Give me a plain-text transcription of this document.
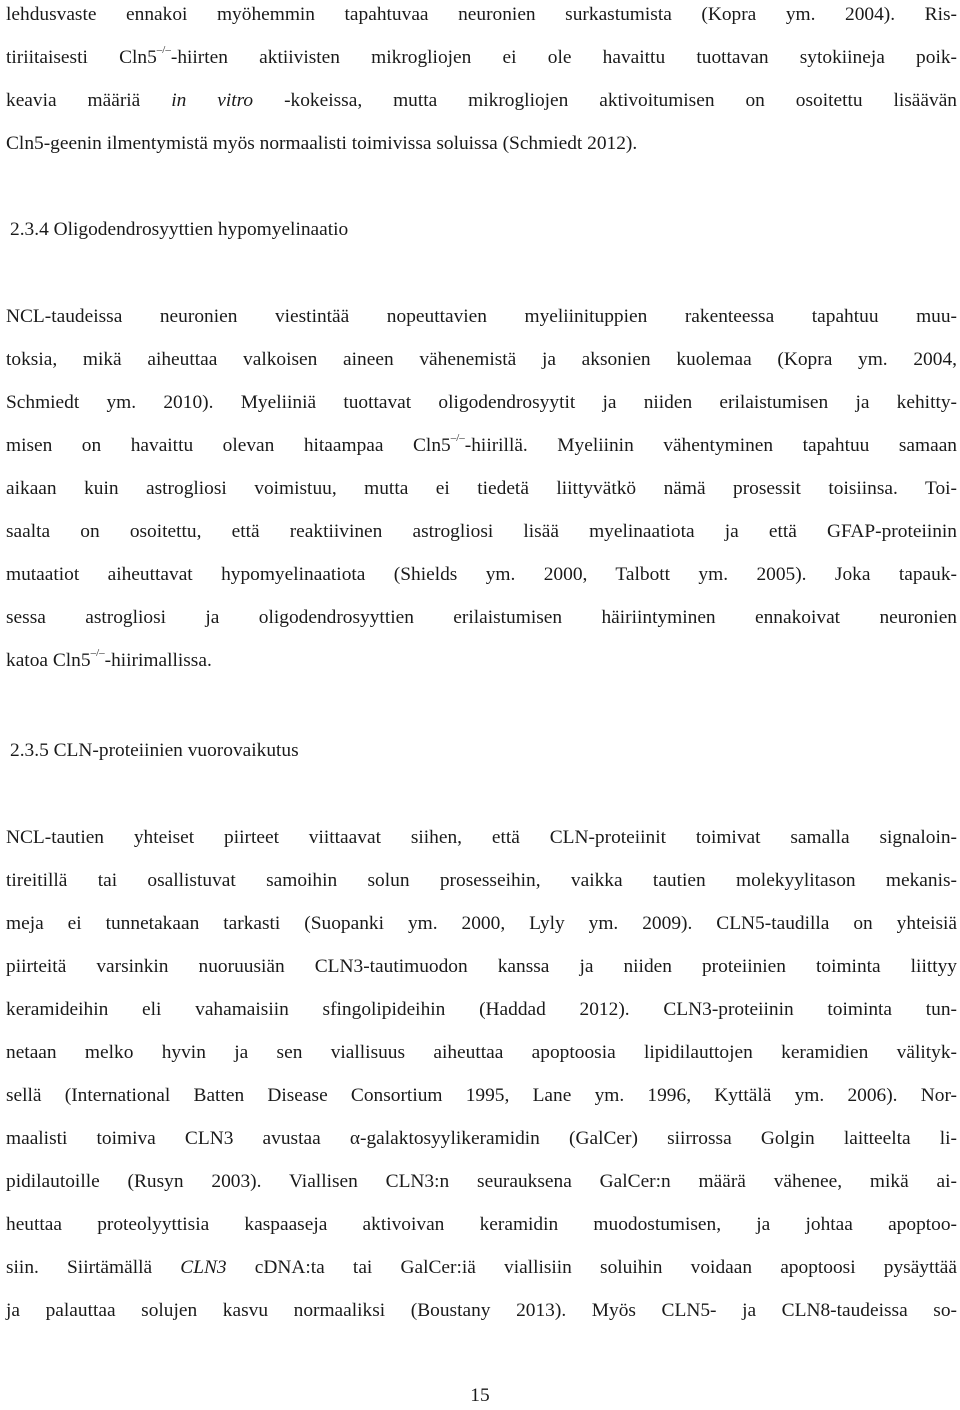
lehdusvaste ennakoi myöhemmin tapahtuvaa neuronien surkastumista (Kopra ym. 2004). Ris-
tiriitaisesti Cln5–/–-hiirten aktiivisten mikrogliojen ei ole havaittu tuottavan sytokiineja poik-
keavia määriä in vitro -kokeissa, mutta mikrogliojen aktivoitumisen on osoitettu lisäävän
Cln5-geenin ilmentymistä myös normaalisti toimivissa soluissa (Schmiedt 2012).
2.3.4 Oligodendrosyyttien hypomyelinaatio
NCL-taudeissa neuronien viestintää nopeuttavien myeliinituppien rakenteessa tapahtuu muu-
toksia, mikä aiheuttaa valkoisen aineen vähenemistä ja aksonien kuolemaa (Kopra ym. 2004,
Schmiedt ym. 2010). Myeliiniä tuottavat oligodendrosyytit ja niiden erilaistumisen ja kehitty-
misen on havaittu olevan hitaampaa Cln5–/–-hiirillä. Myeliinin vähentyminen tapahtuu samaan
aikaan kuin astrogliosi voimistuu, mutta ei tiedetä liittyvätkö nämä prosessit toisiinsa. Toi-
saalta on osoitettu, että reaktiivinen astrogliosi lisää myelinaatiota ja että GFAP-proteiinin
mutaatiot aiheuttavat hypomyelinaatiota (Shields ym. 2000, Talbott ym. 2005). Joka tapauk-
sessa astrogliosi ja oligodendrosyyttien erilaistumisen häiriintyminen ennakoivat neuronien
katoa Cln5–/–-hiirimallissa.
2.3.5 CLN-proteiinien vuorovaikutus
NCL-tautien yhteiset piirteet viittaavat siihen, että CLN-proteiinit toimivat samalla signaloin-
tireitillä tai osallistuvat samoihin solun prosesseihin, vaikka tautien molekyylitason mekanis-
meja ei tunnetakaan tarkasti (Suopanki ym. 2000, Lyly ym. 2009). CLN5-taudilla on yhteisiä
piirteitä varsinkin nuoruusiän CLN3-tautimuodon kanssa ja niiden proteiinien toiminta liittyy
keramideihin eli vahamaisiin sfingolipideihin (Haddad 2012). CLN3-proteiinin toiminta tun-
netaan melko hyvin ja sen viallisuus aiheuttaa apoptoosia lipidilauttojen keramidien välityk-
sellä (International Batten Disease Consortium 1995, Lane ym. 1996, Kyttälä ym. 2006). Nor-
maalisti toimiva CLN3 avustaa α-galaktosyylikeramidin (GalCer) siirrossa Golgin laitteelta li-
pidilautoille (Rusyn 2003). Viallisen CLN3:n seurauksena GalCer:n määrä vähenee, mikä ai-
heuttaa proteolyyttisia kaspaaseja aktivoivan keramidin muodostumisen, ja johtaa apoptoo-
siin. Siirtämällä CLN3 cDNA:ta tai GalCer:iä viallisiin soluihin voidaan apoptoosi pysäyttää
ja palauttaa solujen kasvu normaaliksi (Boustany 2013). Myös CLN5- ja CLN8-taudeissa so-
15
